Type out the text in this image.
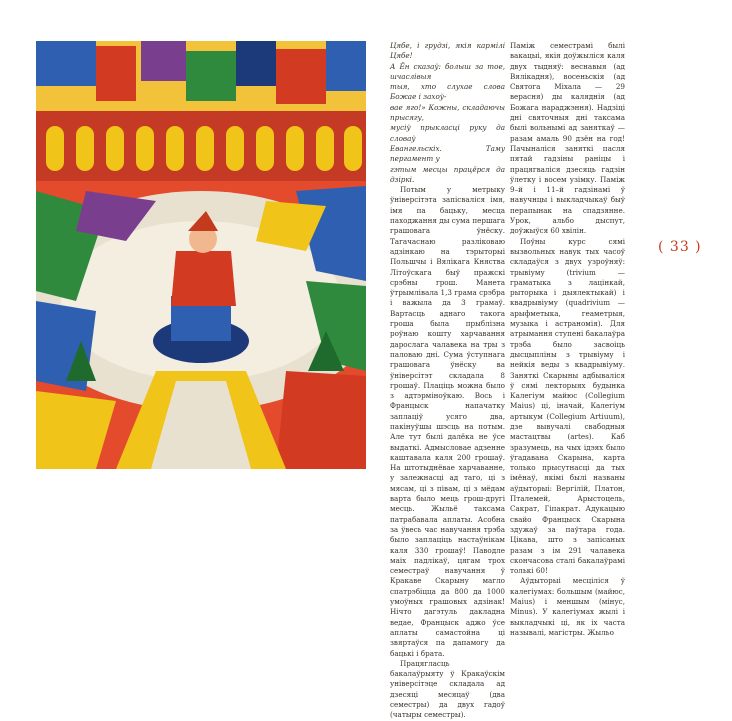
Цябе, і грудзі, якія кармілі Цябе!
А Ён сказаў: болыш за тое, шчаслівыя
тыя, хто слухае слова Божае і захоў-
вае яго!» Кожны, складаючы прысягу,
мусіў прыкласці руку да словаў
Евангельскіх. Таму пергамент у
гэтым месцы працёрся да дзіркі.

Потым у метрыку ўніверсітэта запісваліся імя, імя па бацьку, месца паходжання ды сума першага грашовага ўнёску. Тагачаснаю разліковаю адзінкаю на тэрыторыі Польшчы і Вялікага Княства Літоўскага быў пражскі срэбны грош. Манета ўтрымлівала 1,3 грама срэбра і важыла да 3 грамаў. Вартасць аднаго такога гроша была прыблізна роўнаю кошту харчавання дарослага чалавека на тры з паловаю дні. Сума ўступнага грашовага ўнёску ва ўніверсітэт складала 8 грошаў. Плаціць можна было з адтэрміноўкаю. Вось і Францыск напачатку заплаціў усяго два, пакінуўшы шэсць на потым. Але тут былі далёка не ўсе выдаткі. Адмысловае адзенне каштавала каля 200 грошаў. На штотыднёвае харчаванне, у залежнасці ад таго, ці з мясам, ці з півам, ці з мёдам варта было мець грош-другі месць. Жыльё таксама патрабавала аплаты. Асобна за ўвесь час навучання трэба было заплаціць настаўнікам каля 330 грошаў! Паводле маіх падлікаў, цягам трох семестраў навучання ў Кракаве Скарыну магло спатрэбіцца да 800 да 1000 умоўных грашовых адзінак! Нічто дагэтуль дакладна ведае, Францыск аджо ўсе аплаты самастойна ці звяртаўся па дапамогу да бацькі і брата.

Працягласць бакалаўрыяту ў Кракаўскім універсітэце складала ад дзесяці месяцаў (два семестры) да двух гадоў (чатыры семестры).

Паміж семестрамі былі вакацыі, якія доўжыліся каля двух тыдняў: веснавыя (ад Вялікадня), восеньскія (ад Святога Міхала — 29 верасня) ды каляднія (ад Божага нараджэння). Надзіці дні святочныя дні таксама былі вольнымі ад заняткаў — разам амаль 90 дзён на год! Пачыналіся заняткі пасля пятай гадзіны раніцы і працягваліся дзесяць гадзін ўлетку і восем узімку. Паміж 9–й і 11–й гадзінамі ў навучнцы і выкладчыкаў быў перапынак на спадзянне. Урок, альбо дыспут, доўжыўся 60 хвілін.

Поўны курс сямі вызвольных навук тых часоў складаўся з двух узроўняў: трывіуму (trivium — граматыка з лацінкай, рыторыка і дыялектыкай) і квадрывіуму (quadrivium — арыфметыка, геаметрыя, музыка і астраномія). Для атрымання ступені бакалаўра трэба было засвоіць дысцыпліны з трывіуму і нейкія веды з квадрывіуму. Заняткі Скарыны адбываліся ў сямі лекторыях будынка Калегіум майюс (Collegium Maius) ці, іначай, Калегіум артыкум (Collegium Artiuum), дзе вывучалі свабодныя мастацтвы (artes). Каб зразумець, на чых ідэях было ўгадавана Скарына, карта только прысутнасці да тых імёнаў, якімі былі названы аўдыторыі: Вергілій, Платон, Пталемей, Арыстоцель, Сакрат, Гіпакрат. Адукацыю свайо Францыск Скарына здужаў за паўтара года. Цікава, што з запісаных разам з ім 291 чалавека скончасова сталі бакалаўрамі толькі 60!

Аўдыторыі месціліся ў калегіумах: большым (майюс, Maius) і меншым (мінус, Minus). У калегіумах жылі і выкладчыкі ці, як іх часта называлі, магістры. Жыльо

( 33 )
